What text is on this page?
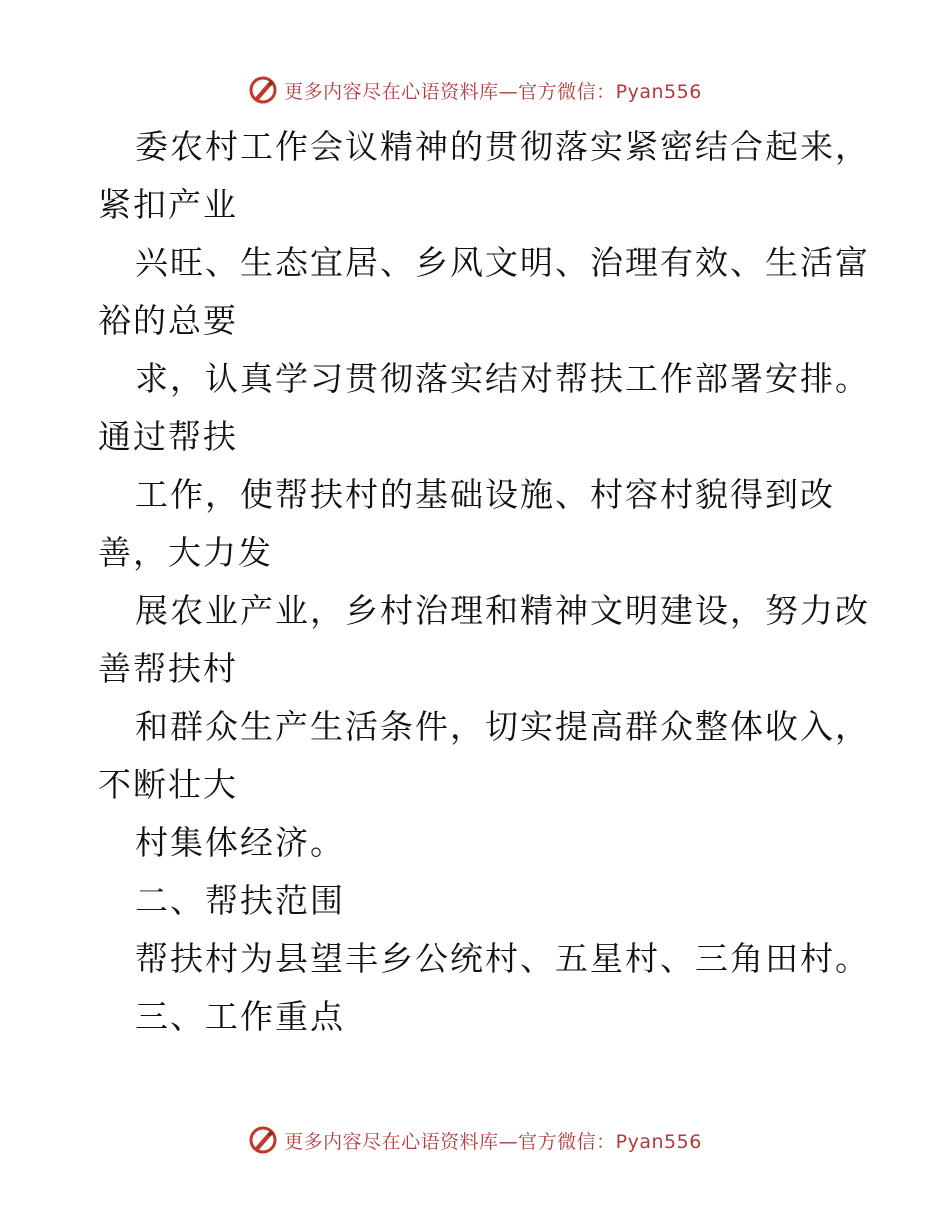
更多内容尽在心语资料库—官方微信：Pyan556
委农村工作会议精神的贯彻落实紧密结合起来，
紧扣产业
兴旺、生态宜居、乡风文明、治理有效、生活富
裕的总要
求，认真学习贯彻落实结对帮扶工作部署安排。
通过帮扶
工作，使帮扶村的基础设施、村容村貌得到改
善，大力发
展农业产业，乡村治理和精神文明建设，努力改
善帮扶村
和群众生产生活条件，切实提高群众整体收入，
不断壮大
村集体经济。
二、帮扶范围
帮扶村为县望丰乡公统村、五星村、三角田村。
三、工作重点
更多内容尽在心语资料库—官方微信：Pyan556
